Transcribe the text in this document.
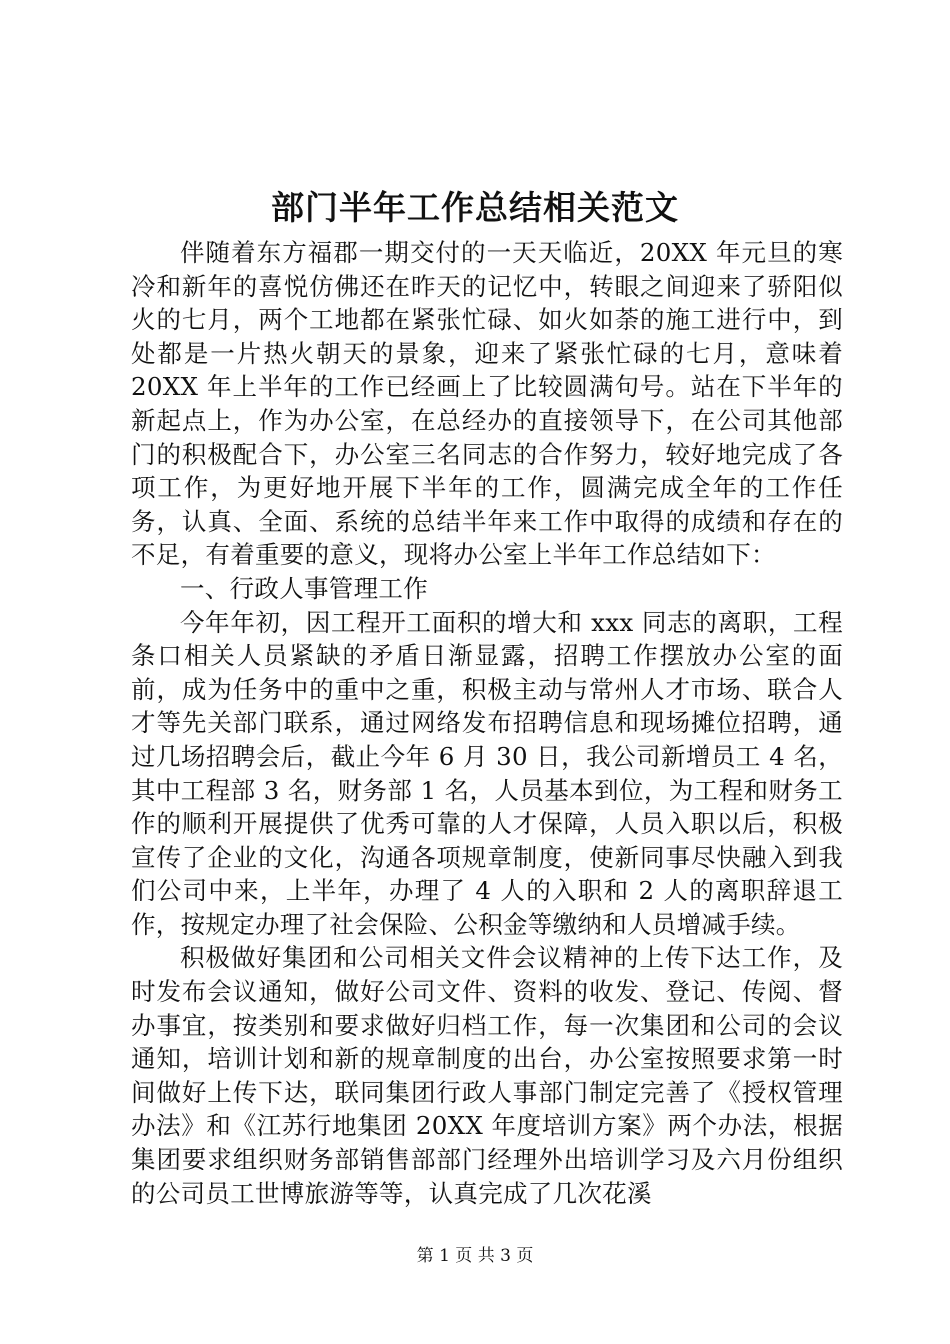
部门半年工作总结相关范文

伴随着东方福郡一期交付的一天天临近，20XX 年元旦的寒冷和新年的喜悦仿佛还在昨天的记忆中，转眼之间迎来了骄阳似火的七月，两个工地都在紧张忙碌、如火如荼的施工进行中，到处都是一片热火朝天的景象，迎来了紧张忙碌的七月，意味着 20XX 年上半年的工作已经画上了比较圆满句号。站在下半年的新起点上，作为办公室，在总经办的直接领导下，在公司其他部门的积极配合下，办公室三名同志的合作努力，较好地完成了各项工作，为更好地开展下半年的工作，圆满完成全年的工作任务，认真、全面、系统的总结半年来工作中取得的成绩和存在的不足，有着重要的意义，现将办公室上半年工作总结如下：

一、行政人事管理工作

今年年初，因工程开工面积的增大和 xxx 同志的离职，工程条口相关人员紧缺的矛盾日渐显露，招聘工作摆放办公室的面前，成为任务中的重中之重，积极主动与常州人才市场、联合人才等先关部门联系，通过网络发布招聘信息和现场摊位招聘，通过几场招聘会后，截止今年 6 月 30 日，我公司新增员工 4 名，其中工程部 3 名，财务部 1 名，人员基本到位，为工程和财务工作的顺利开展提供了优秀可靠的人才保障，人员入职以后，积极宣传了企业的文化，沟通各项规章制度，使新同事尽快融入到我们公司中来，上半年，办理了 4 人的入职和 2 人的离职辞退工作，按规定办理了社会保险、公积金等缴纳和人员增减手续。

积极做好集团和公司相关文件会议精神的上传下达工作，及时发布会议通知，做好公司文件、资料的收发、登记、传阅、督办事宜，按类别和要求做好归档工作，每一次集团和公司的会议通知，培训计划和新的规章制度的出台，办公室按照要求第一时间做好上传下达，联同集团行政人事部门制定完善了《授权管理办法》和《江苏行地集团 20XX 年度培训方案》两个办法，根据集团要求组织财务部销售部部门经理外出培训学习及六月份组织的公司员工世博旅游等等，认真完成了几次花溪

第 1 页 共 3 页
